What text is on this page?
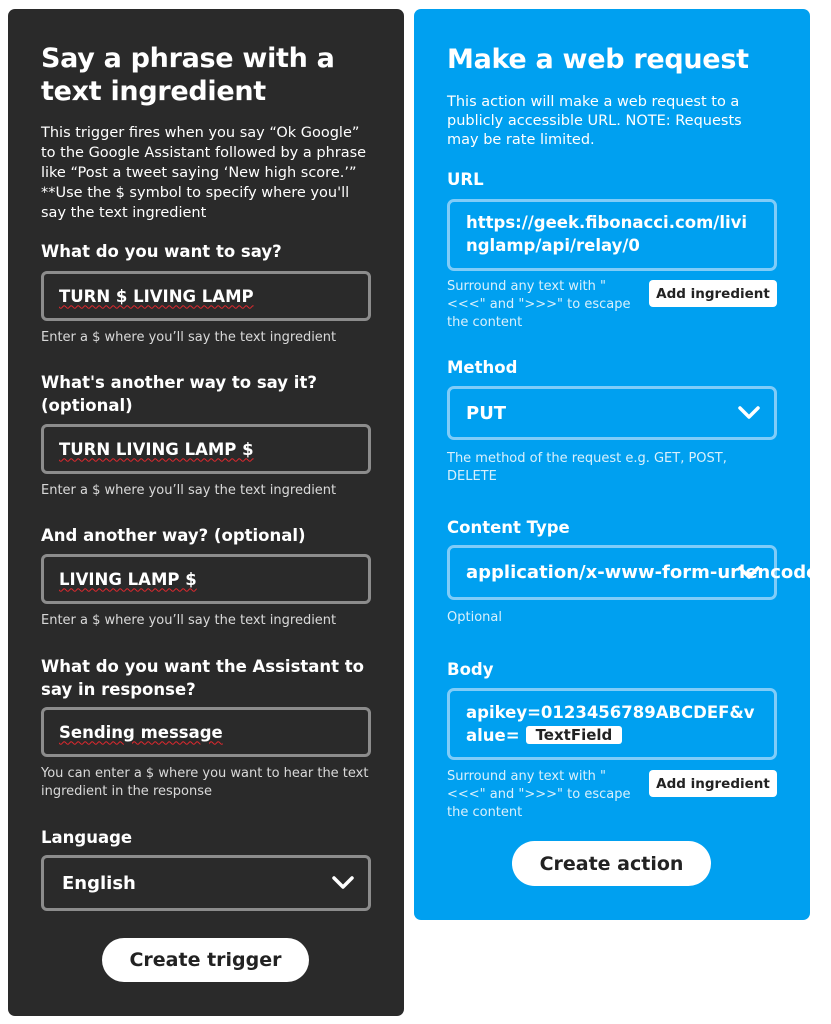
Say a phrase with a text ingredient
This trigger fires when you say “Ok Google” to the Google Assistant followed by a phrase like “Post a tweet saying ‘New high score.’” **Use the $ symbol to specify where you'll say the text ingredient
What do you want to say?
TURN $ LIVING LAMP
Enter a $ where you’ll say the text ingredient
What's another way to say it? (optional)
TURN LIVING LAMP $
Enter a $ where you’ll say the text ingredient
And another way? (optional)
LIVING LAMP $
Enter a $ where you’ll say the text ingredient
What do you want the Assistant to say in response?
Sending message
You can enter a $ where you want to hear the text ingredient in the response
Language
English
Create trigger
Make a web request
This action will make a web request to a publicly accessible URL. NOTE: Requests may be rate limited.
URL
https://geek.fibonacci.com/livinglamp/api/relay/0
Surround any text with "<<<" and ">>>" to escape the content
Add ingredient
Method
PUT
The method of the request e.g. GET, POST, DELETE
Content Type
application/x-www-form-urlencoded
Optional
Body
apikey=0123456789ABCDEF&value= TextField
Surround any text with "<<<" and ">>>" to escape the content
Add ingredient
Create action
